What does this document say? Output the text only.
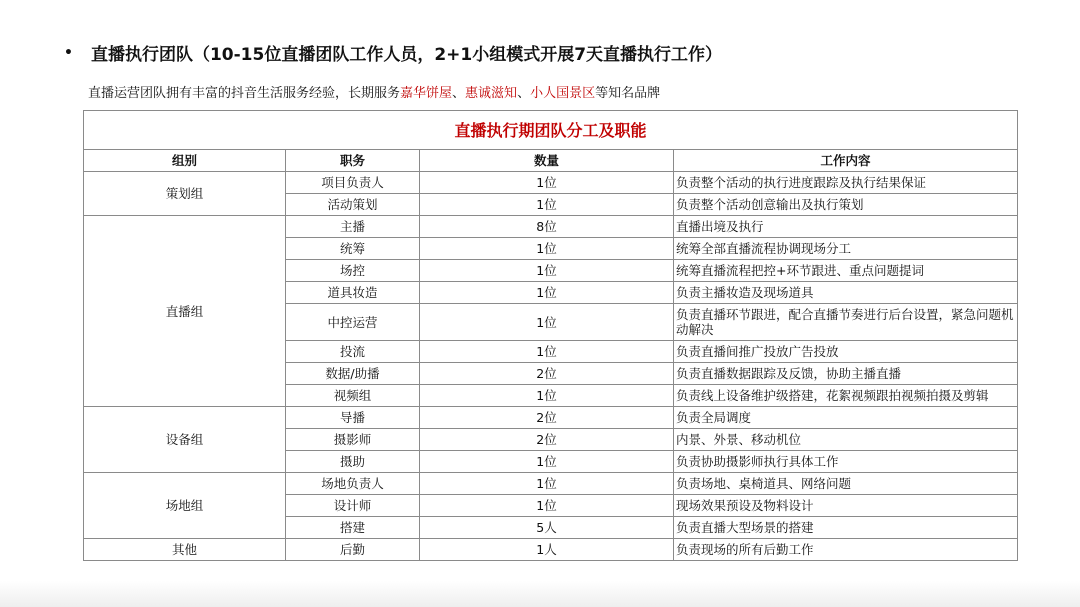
• 直播执行团队（10-15位直播团队工作人员，2+1小组模式开展7天直播执行工作）
直播运营团队拥有丰富的抖音生活服务经验，长期服务嘉华饼屋、惠诚滋知、小人国景区等知名品牌
直播执行期团队分工及职能			
组别	职务	数量	工作内容
策划组	项目负责人	1位	负责整个活动的执行进度跟踪及执行结果保证
	活动策划	1位	负责整个活动创意输出及执行策划
直播组	主播	8位	直播出境及执行
	统筹	1位	统筹全部直播流程协调现场分工
	场控	1位	统筹直播流程把控+环节跟进、重点问题提词
	道具妆造	1位	负责主播妆造及现场道具
	中控运营	1位	负责直播环节跟进，配合直播节奏进行后台设置，紧急问题机动解决
	投流	1位	负责直播间推广投放广告投放
	数据/助播	2位	负责直播数据跟踪及反馈，协助主播直播
	视频组	1位	负责线上设备维护级搭建，花絮视频跟拍视频拍摄及剪辑
设备组	导播	2位	负责全局调度
	摄影师	2位	内景、外景、移动机位
	摄助	1位	负责协助摄影师执行具体工作
场地组	场地负责人	1位	负责场地、桌椅道具、网络问题
	设计师	1位	现场效果预设及物料设计
	搭建	5人	负责直播大型场景的搭建
其他	后勤	1人	负责现场的所有后勤工作
